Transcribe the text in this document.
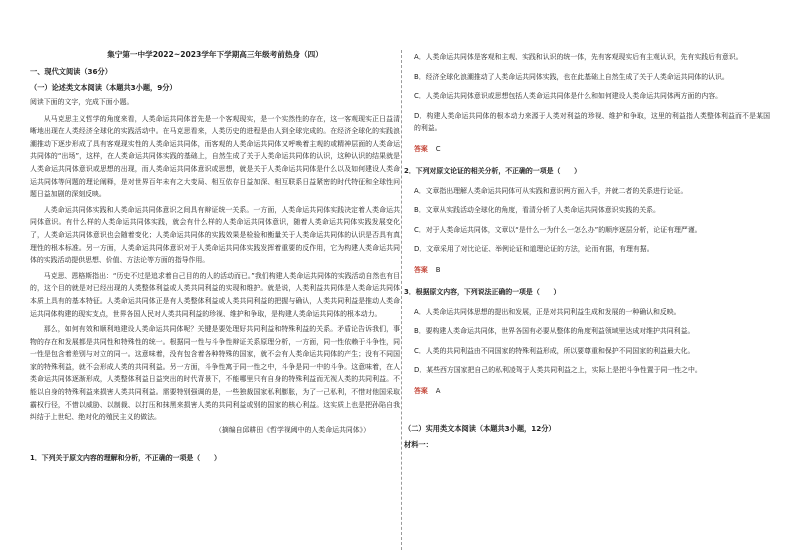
集宁第一中学2022~2023学年下学期高三年级考前热身（四）
一、现代文阅读（36分）
（一）论述类文本阅读（本题共3小题，9分）

阅读下面的文字，完成下面小题。

从马克思主义哲学的角度来看，人类命运共同体首先是一个客观现实，是一个实然性的存在，这一客观现实正日益清晰地出现在人类经济全球化的实践活动中。在马克思看来，人类历史的进程是由人到全球完成的。在经济全球化的实践浪潮推动下逐步形成了具有客观现实性的人类命运共同体，而客观的人类命运共同体又呼唤着主观的或精神层面的人类命运共同体的“出场”，这样，在人类命运共同体实践的基础上，自然生成了关于人类命运共同体的认识，这种认识的结果就是人类命运共同体意识或思想的出现，而人类命运共同体意识或思想，就是关于人类命运共同体是什么以及如何建设人类命运共同体等问题的理论阐释，是对世界百年未有之大变局、相互依存日益加深、相互联系日益紧密的时代特征和全球性问题日益加剧的深刻反映。

人类命运共同体实践和人类命运共同体意识之间具有辩证统一关系。一方面，人类命运共同体实践决定着人类命运共同体意识。有什么样的人类命运共同体实践，就会有什么样的人类命运共同体意识，随着人类命运共同体实践发展变化了，人类命运共同体意识也会随着变化；人类命运共同体的实践效果是检验和衡量关于人类命运共同体的认识是否具有真理性的根本标准。另一方面，人类命运共同体意识对于人类命运共同体实践发挥着重要的反作用，它为构建人类命运共同体的实践活动提供思想、价值、方法论等方面的指导作用。

马克思、恩格斯指出：“历史不过是追求着自己目的的人的活动而已。”我们构建人类命运共同体的实践活动自然也有目的，这个目的就是对已经出现的人类整体利益或人类共同利益的实现和维护。就是说，人类利益共同体是人类命运共同体本质上具有的基本特征。人类命运共同体正是有人类整体利益或人类共同利益的把握与确认，人类共同利益是推动人类命运共同体构建的现实支点，世界各国人民对人类共同利益的珍视、维护和争取，是构建人类命运共同体的根本动力。

那么，如何有效和顺利地建设人类命运共同体呢？关键是要处理好共同利益和特殊利益的关系。矛盾论告诉我们，事物的存在和发展都是共同性和特殊性的统一。根据同一性与斗争性辩证关系原理分析，一方面，同一性依赖于斗争性，同一性是包含着差别与对立的同一。这意味着，没有包含着各种特殊的国家，就不会有人类命运共同体的产生；没有不同国家的特殊利益，就不会形成人类的共同利益。另一方面，斗争性寓于同一性之中，斗争是同一中的斗争。这意味着，在人类命运共同体逐渐形成，人类整体利益日益突出的时代背景下，不能哪里只有自身的特殊利益而无视人类的共同利益。不能以自身的特殊利益来损害人类共同利益。需要特别强调的是，一些独裁国家私利膨胀，为了一己私利，不惜对他国采取霸权行径，不惜以威胁、以制裁、以打压和抹黑来损害人类的共同利益或别的国家的核心利益。这实质上也是把孙陷自我纠结于上世纪、绝对化的殖民主义的做法。

（摘编自邱耕田《哲学视阈中的人类命运共同体》）

1．下列关于原文内容的理解和分析，不正确的一项是（　　）

A．人类命运共同体是客观和主观、实践和认识的统一体，先有客观现实后有主观认识，先有实践后有意识。
B．经济全球化浪潮推动了人类命运共同体实践，也在此基础上自然生成了关于人类命运共同体的认识。
C．人类命运共同体意识或思想包括人类命运共同体是什么和如何建设人类命运共同体两方面的内容。
D．构建人类命运共同体的根本动力来源于人类对利益的珍视、维护和争取，这里的利益指人类整体利益而不是某国的利益。
答案 C

2．下列对原文论证的相关分析，不正确的一项是（　　）

A．文章指出理解人类命运共同体可从实践和意识两方面入手，并就二者的关系进行论证。
B．文章从实践活动全球化的角度，看清分析了人类命运共同体意识实践的关系。
C．对于人类命运共同体，文章以“是什么一为什么一怎么办”的顺序逐层分析，论证有理严谨。
D．文章采用了对比论证、举例论证和道理论证的方法，论而有据，有理有据。
答案 B

3．根据原文内容，下列说法正确的一项是（　　）

A．人类命运共同体思想的提出和发展，正是对共同利益生成和发展的一种确认和反映。
B．要构建人类命运共同体，世界各国有必要从整体的角度利益领域里达成对维护共同利益。
C．人类的共同利益由不同国家的特殊利益形成，所以要尊重和保护不同国家的利益最大化。
D．某些西方国家把自己的私利凌驾于人类共同利益之上，实际上是把斗争性置于同一性之中。
答案 A
（二）实用类文本阅读（本题共3小题，12分）
材料一：
